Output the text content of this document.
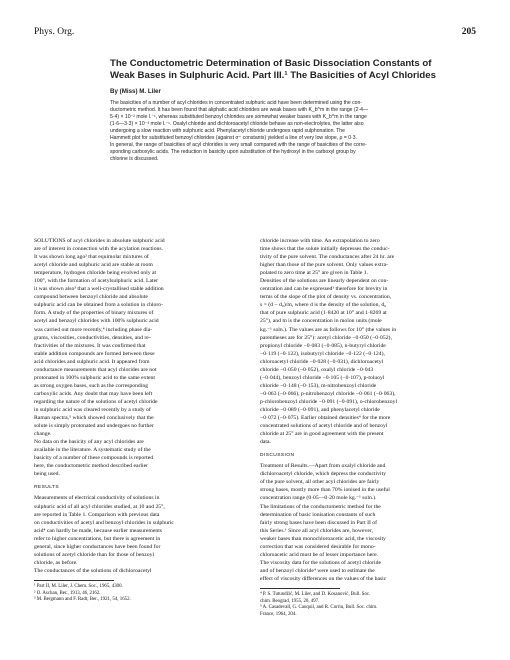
Phys. Org.	205
The Conductometric Determination of Basic Dissociation Constants of
Weak Bases in Sulphuric Acid. Part III.¹ The Basicities of Acyl Chlorides
By (Miss) M. Liler
The basicities of a number of acyl chlorides in concentrated sulphuric acid have been determined using the con-
ductometric method. It has been found that aliphatic acid chlorides are weak bases with K_b^m in the range (2·4—
5·4) × 10⁻² mole l.⁻¹, whereas substituted benzoyl chlorides are somewhat weaker bases with K_b^m in the range
(1·6—3·3) × 10⁻³ mole l.⁻¹. Oxalyl chloride and dichloroacetyl chloride behave as non-electrolytes, the latter also
undergoing a slow reaction with sulphuric acid. Phenylacetyl chloride undergoes rapid sulphonation. The
Hammett plot for substituted benzoyl chlorides (against σ⁺ constants) yielded a line of very low slope, ρ = 0·3.
In general, the range of basicities of acyl chlorides is very small compared with the range of basicities of the corre-
sponding carboxylic acids. The reduction in basicity upon substitution of the hydroxyl in the carboxyl group by
chlorine is discussed.
SOLUTIONS of acyl chlorides in absolute sulphuric acid
are of interest in connection with the acylation reactions.
It was shown long ago² that equimolar mixtures of
acetyl chloride and sulphuric acid are stable at room
temperature, hydrogen chloride being evolved only at
100°, with the formation of acetylsulphuric acid. Later
it was shown also³ that a well-crystallised stable addition
compound between benzoyl chloride and absolute
sulphuric acid can be obtained from a solution in chloro-
form. A study of the properties of binary mixtures of
acetyl and benzoyl chlorides with 100% sulphuric acid
was carried out more recently,⁴ including phase dia-
grams, viscosities, conductivities, densities, and re-
fractivities of the mixtures. It was confirmed that
stable addition compounds are formed between these
acid chlorides and sulphuric acid. It appeared from
conductance measurements that acyl chlorides are not
protonated in 100% sulphuric acid to the same extent
as strong oxygen bases, such as the corresponding
carboxylic acids. Any doubt that may have been left
regarding the nature of the solutions of acetyl chloride
in sulphuric acid was cleared recently by a study of
Raman spectra,⁵ which showed conclusively that the
solute is simply protonated and undergoes no further
change.
No data on the basicity of any acyl chlorides are
available in the literature. A systematic study of the
basicity of a number of these compounds is reported
here, the conductometric method described earlier
being used.
RESULTS
Measurements of electrical conductivity of solutions in
sulphuric acid of all acyl chlorides studied, at 10 and 25°,
are reported in Table 1. Comparison with previous data
on conductivities of acetyl and benzoyl chlorides in sulphuric
acid⁴ can hardly be made, because earlier measurements
refer to higher concentrations, but there is agreement in
general, since higher conductances have been found for
solutions of acetyl chloride than for those of benzoyl
chloride, as before.
The conductances of the solutions of dichloroacetyl
¹ Part II, M. Liler, J. Chem. Soc., 1965, 4300.
² O. Aschan, Ber., 1913, 46, 2162.
³ M. Bergmann and F. Radt, Ber., 1921, 54, 1652.
chloride increase with time. An extrapolation to zero
time shows that the solute initially depresses the conduc-
tivity of the pure solvent. The conductances after 24 hr. are
higher than those of the pure solvent. Only values extra-
polated to zero time at 25° are given in Table 1.
Densities of the solutions are linearly dependent on con-
centration and can be expressed¹ therefore for brevity in
terms of the slope of the plot of density vs. concentration,
s = (d − d₀)/m, where d is the density of the solution, d₀
that of pure sulphuric acid (1·8420 at 10° and 1·8269 at
25°), and m is the concentration in molon units (mole
kg.⁻¹ soln.). The values are as follows for 10° (the values in
parentheses are for 25°): acetyl chloride −0·050 (−0·052),
propionyl chloride −0·083 (−0·085), n-butyryl chloride
−0·119 (−0·122), isobutyryl chloride −0·122 (−0·124),
chloroacetyl chloride −0·028 (−0·031), dichloroacetyl
chloride −0·050 (−0·052), oxalyl chloride −0·043
(−0·044), benzoyl chloride −0·105 (−0·107), p-toluoyl
chloride −0·148 (−0·153), m-nitrobenzoyl chloride
−0·063 (−0·066), p-nitrobenzoyl chloride −0·061 (−0·063),
p-chlorobenzoyl chloride −0·091 (−0·091), o-chlorobenzoyl
chloride −0·089 (−0·091), and phenylacetyl chloride
−0·072 (−0·075). Earlier obtained densities⁴ for the more
concentrated solutions of acetyl chloride and of benzoyl
chloride at 25° are in good agreement with the present
data.
DISCUSSION
Treatment of Results.—Apart from oxalyl chloride and
dichloroacetyl chloride, which depress the conductivity
of the pure solvent, all other acyl chlorides are fairly
strong bases, mostly more than 70% ionised in the useful
concentration range (0·05—0·20 mole kg.⁻¹ soln.).
The limitations of the conductometric method for the
determination of basic ionisation constants of such
fairly strong bases have been discussed in Part II of
this Series.¹ Since all acyl chlorides are, however,
weaker bases than monochloroacetic acid, the viscosity
correction that was considered desirable for mono-
chloroacetic acid must be of lesser importance here.
The viscosity data for the solutions of acetyl chloride
and of benzoyl chloride⁴ were used to estimate the
effect of viscosity differences on the values of the basic
⁴ P. S. Tutundžić, M. Liler, and D. Kosanović, Bull. Soc.
chim. Beograd, 1955, 20, 497.
⁵ A. Casadevall, G. Cauquil, and R. Corriu, Bull. Soc. chim.
France, 1964, 204.
